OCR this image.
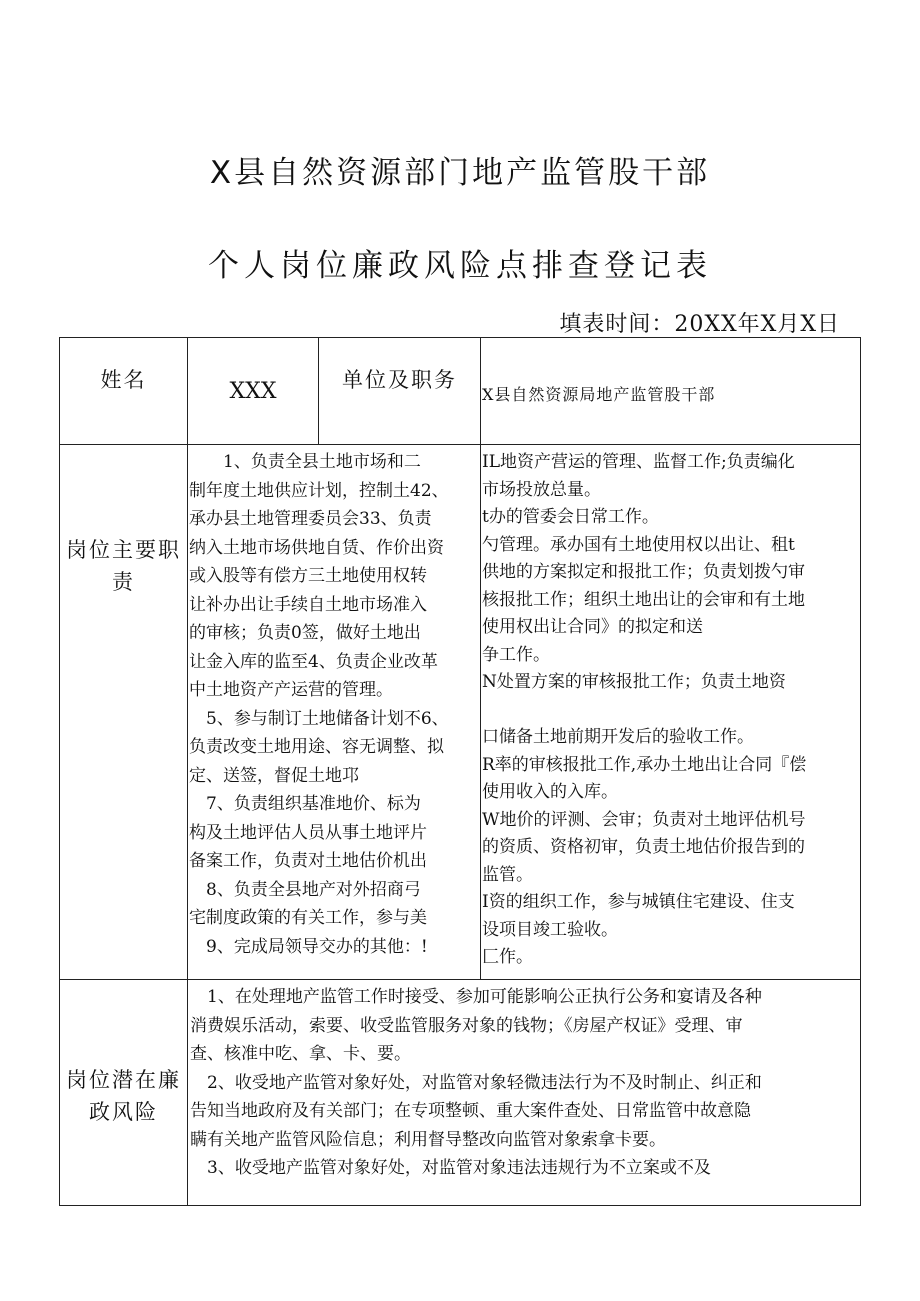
X县自然资源部门地产监管股干部
个人岗位廉政风险点排查登记表
填表时间：20XX年X月X日
姓名	XXX	单位及职务
X县自然资源局地产监管股干部
岗位主要职
责
　　1、负责全县土地市场和二
制年度土地供应计划，控制土42、
承办县土地管理委员会33、负责
纳入土地市场供地自赁、作价出资
或入股等有偿方三土地使用权转
让补办出让手续自土地市场准入
的审核；负责0签，做好土地出
让金入库的监至4、负责企业改革
中土地资产产运营的管理。
　5、参与制订土地储备计划不6、
负责改变土地用途、容无调整、拟
定、送签，督促土地邛
　7、负责组织基准地价、标为
构及土地评估人员从事土地评片
备案工作，负责对土地估价机出
　8、负责全县地产对外招商弓
宅制度政策的有关工作，参与美
　9、完成局领导交办的其他：!
IL地资产营运的管理、监督工作;负责编化
市场投放总量。
t办的管委会日常工作。
勺管理。承办国有土地使用权以出让、租t
供地的方案拟定和报批工作；负责划拨勺审
核报批工作；组织土地出让的会审和有土地
使用权出让合同》的拟定和送
争工作。
N处置方案的审核报批工作；负责土地资
口储备土地前期开发后的验收工作。
R率的审核报批工作,承办土地出让合同『偿
使用收入的入库。
W地价的评测、会审；负责对土地评估机号
的资质、资格初审，负责土地估价报告到的
监管。
I资的组织工作，参与城镇住宅建设、住支
设项目竣工验收。
匚作。
岗位潜在廉
政风险
　1、在处理地产监管工作时接受、参加可能影响公正执行公务和宴请及各种
消费娱乐活动，索要、收受监管服务对象的钱物；《房屋产权证》受理、审
查、核准中吃、拿、卡、要。
　2、收受地产监管对象好处，对监管对象轻微违法行为不及时制止、纠正和
告知当地政府及有关部门；在专项整顿、重大案件查处、日常监管中故意隐
瞒有关地产监管风险信息；利用督导整改向监管对象索拿卡要。
　3、收受地产监管对象好处，对监管对象违法违规行为不立案或不及
